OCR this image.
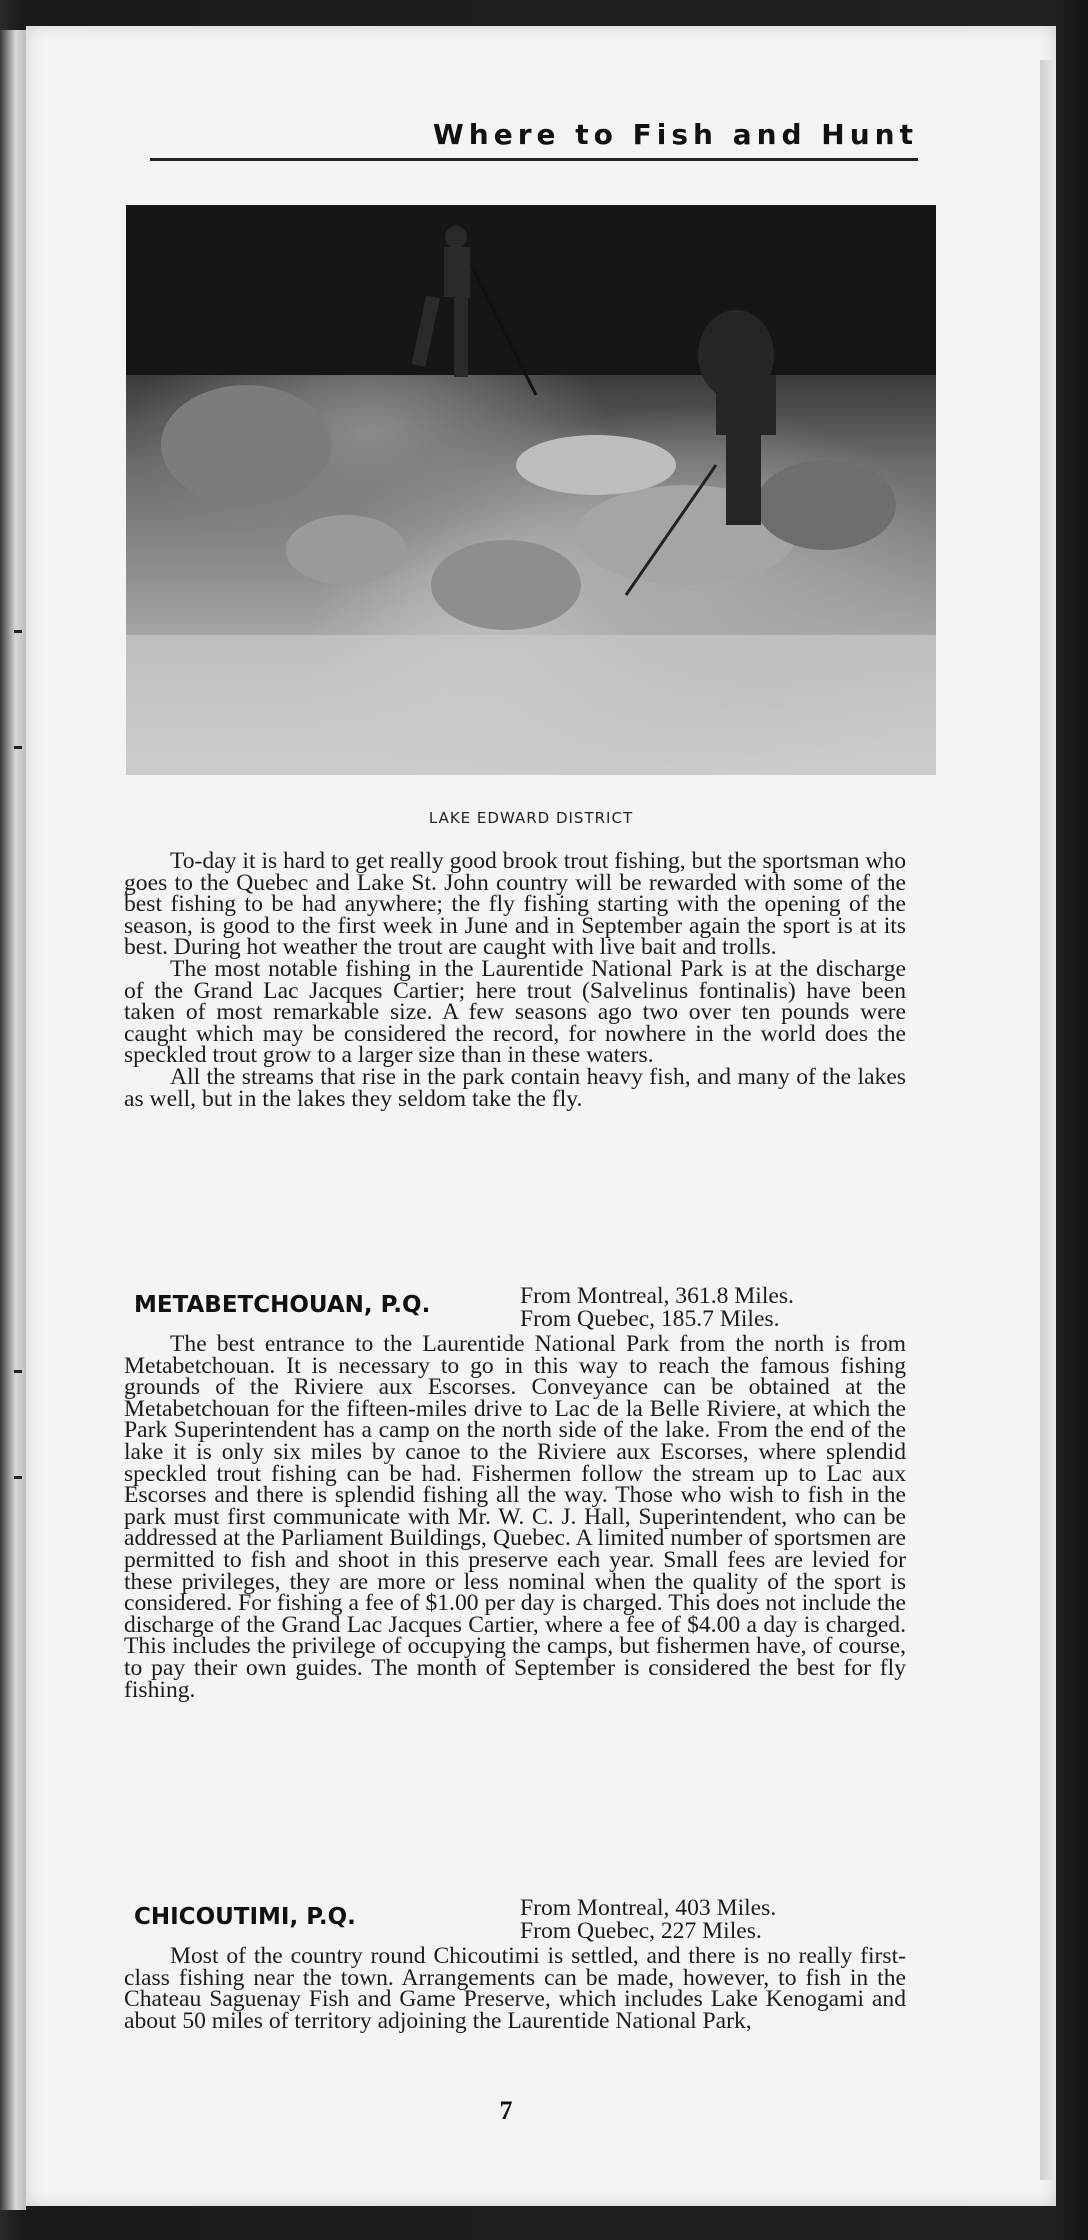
Where to Fish and Hunt
LAKE EDWARD DISTRICT

To-day it is hard to get really good brook trout fishing, but the sportsman who goes to the Quebec and Lake St. John country will be rewarded with some of the best fishing to be had anywhere; the fly fishing starting with the opening of the season, is good to the first week in June and in September again the sport is at its best. During hot weather the trout are caught with live bait and trolls.

The most notable fishing in the Laurentide National Park is at the discharge of the Grand Lac Jacques Cartier; here trout (Salvelinus fontinalis) have been taken of most remarkable size. A few seasons ago two over ten pounds were caught which may be considered the record, for nowhere in the world does the speckled trout grow to a larger size than in these waters.

All the streams that rise in the park contain heavy fish, and many of the lakes as well, but in the lakes they seldom take the fly.

METABETCHOUAN, P.Q.	From Montreal, 361.8 Miles.
From Quebec, 185.7 Miles.

The best entrance to the Laurentide National Park from the north is from Metabetchouan. It is necessary to go in this way to reach the famous fishing grounds of the Riviere aux Escorses. Conveyance can be obtained at the Metabetchouan for the fifteen-miles drive to Lac de la Belle Riviere, at which the Park Superintendent has a camp on the north side of the lake. From the end of the lake it is only six miles by canoe to the Riviere aux Escorses, where splendid speckled trout fishing can be had. Fishermen follow the stream up to Lac aux Escorses and there is splendid fishing all the way. Those who wish to fish in the park must first communicate with Mr. W. C. J. Hall, Superintendent, who can be addressed at the Parliament Buildings, Quebec. A limited number of sportsmen are permitted to fish and shoot in this preserve each year. Small fees are levied for these privileges, they are more or less nominal when the quality of the sport is considered. For fishing a fee of $1.00 per day is charged. This does not include the discharge of the Grand Lac Jacques Cartier, where a fee of $4.00 a day is charged. This includes the privilege of occupying the camps, but fishermen have, of course, to pay their own guides. The month of September is considered the best for fly fishing.

CHICOUTIMI, P.Q.	From Montreal, 403 Miles.
From Quebec, 227 Miles.

Most of the country round Chicoutimi is settled, and there is no really first-class fishing near the town. Arrangements can be made, however, to fish in the Chateau Saguenay Fish and Game Preserve, which includes Lake Kenogami and about 50 miles of territory adjoining the Laurentide National Park,

7
